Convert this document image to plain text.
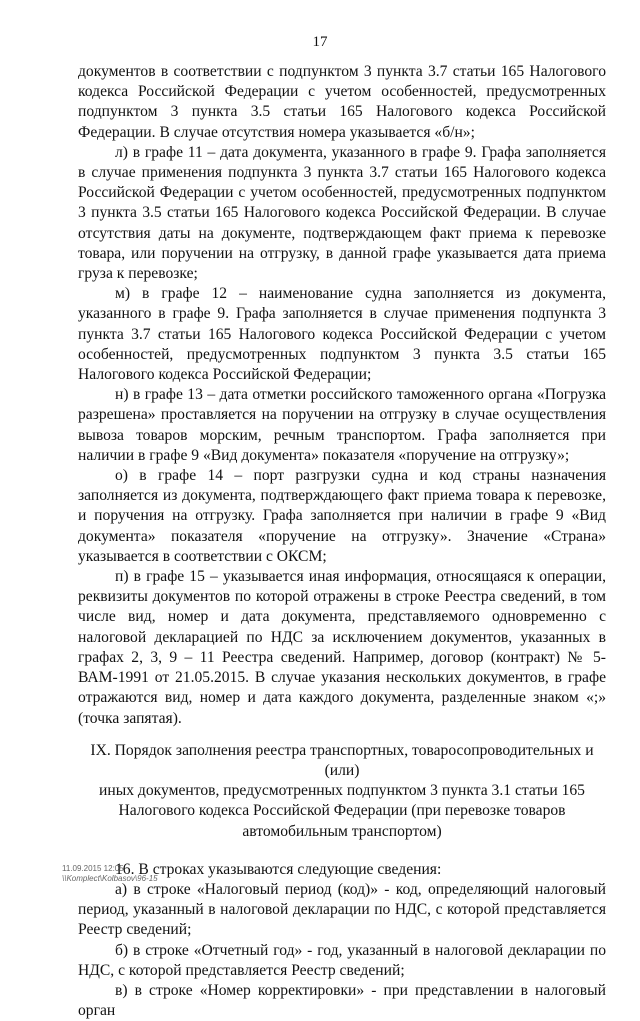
17

документов в соответствии с подпунктом 3 пункта 3.7 статьи 165 Налогового кодекса Российской Федерации с учетом особенностей, предусмотренных подпунктом 3 пункта 3.5 статьи 165 Налогового кодекса Российской Федерации. В случае отсутствия номера указывается «б/н»;

л) в графе 11 – дата документа, указанного в графе 9. Графа заполняется в случае применения подпункта 3 пункта 3.7 статьи 165 Налогового кодекса Российской Федерации с учетом особенностей, предусмотренных подпунктом 3 пункта 3.5 статьи 165 Налогового кодекса Российской Федерации. В случае отсутствия даты на документе, подтверждающем факт приема к перевозке товара, или поручении на отгрузку, в данной графе указывается дата приема груза к перевозке;

м) в графе 12 – наименование судна заполняется из документа, указанного в графе 9. Графа заполняется в случае применения подпункта 3 пункта 3.7 статьи 165 Налогового кодекса Российской Федерации с учетом особенностей, предусмотренных подпунктом 3 пункта 3.5 статьи 165 Налогового кодекса Российской Федерации;

н) в графе 13 – дата отметки российского таможенного органа «Погрузка разрешена» проставляется на поручении на отгрузку в случае осуществления вывоза товаров морским, речным транспортом. Графа заполняется при наличии в графе 9 «Вид документа» показателя «поручение на отгрузку»;

о) в графе 14 – порт разгрузки судна и код страны назначения заполняется из документа, подтверждающего факт приема товара к перевозке, и поручения на отгрузку. Графа заполняется при наличии в графе 9 «Вид документа» показателя «поручение на отгрузку». Значение «Страна» указывается в соответствии с ОКСМ;

п) в графе 15 – указывается иная информация, относящаяся к операции, реквизиты документов по которой отражены в строке Реестра сведений, в том числе вид, номер и дата документа, представляемого одновременно с налоговой декларацией по НДС за исключением документов, указанных в графах 2, 3, 9 – 11 Реестра сведений. Например, договор (контракт) № 5-ВАМ-1991 от 21.05.2015. В случае указания нескольких документов, в графе отражаются вид, номер и дата каждого документа, разделенные знаком «;» (точка запятая).

IX. Порядок заполнения реестра транспортных, товаросопроводительных и (или)
иных документов, предусмотренных подпунктом 3 пункта 3.1 статьи 165
Налогового кодекса Российской Федерации (при перевозке товаров
автомобильным транспортом)

16. В строках указываются следующие сведения:

а) в строке «Налоговый период (код)» - код, определяющий налоговый период, указанный в налоговой декларации по НДС, с которой представляется Реестр сведений;

б) в строке «Отчетный год» - год, указанный в налоговой декларации по НДС, с которой представляется Реестр сведений;

в) в строке «Номер корректировки» - при представлении в налоговый орган

11.09.2015 12:05
\\Komplect\Kolbasov\96-15
